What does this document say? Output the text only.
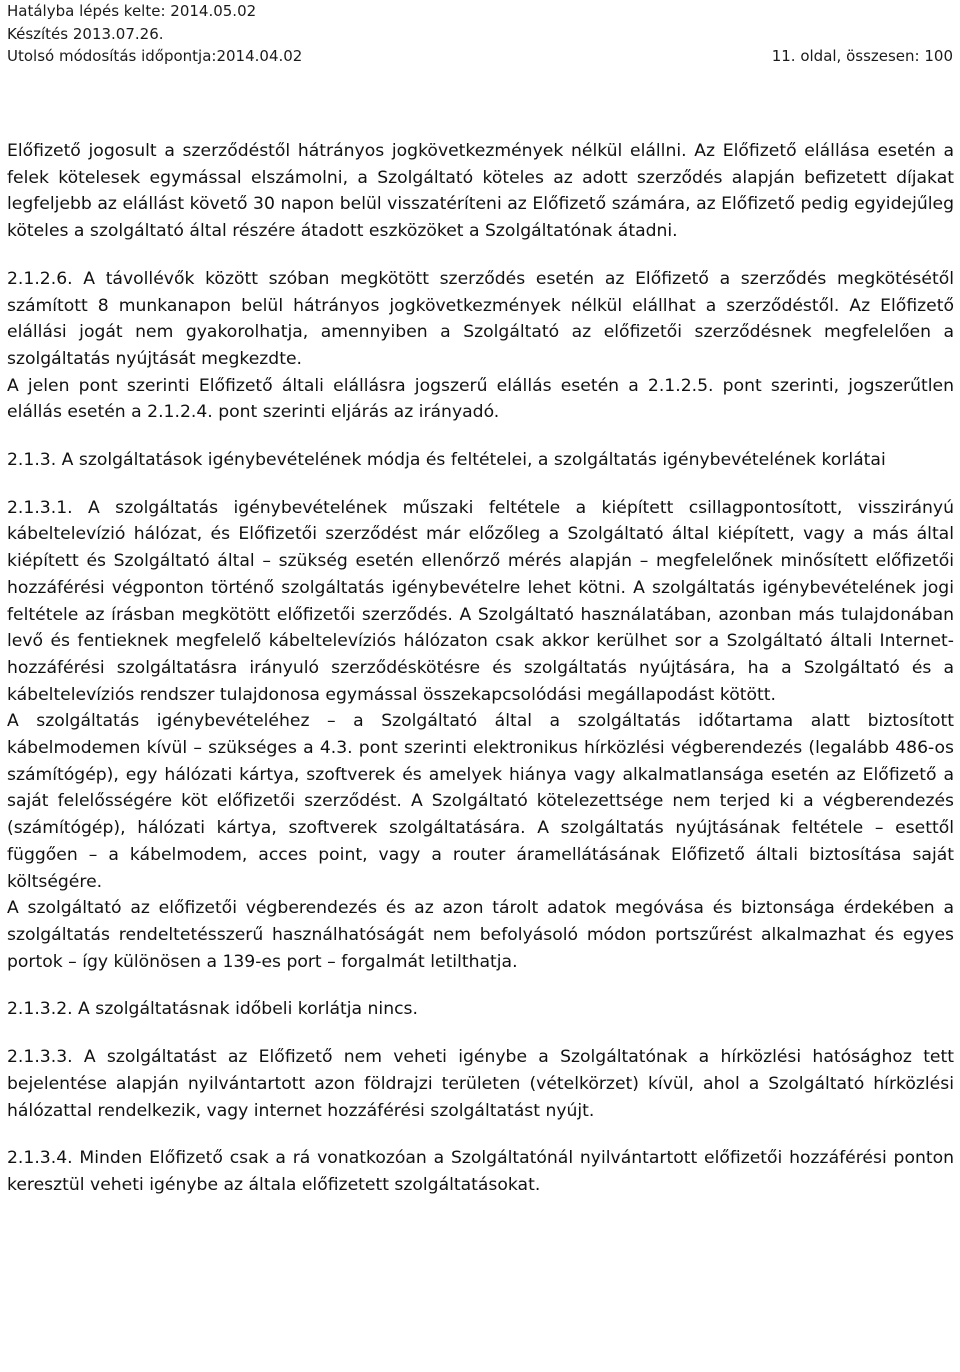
Hatályba lépés kelte: 2014.05.02
Készítés 2013.07.26.
Utolsó módosítás időpontja:2014.04.02	11. oldal, összesen: 100

Előfizető jogosult a szerződéstől hátrányos jogkövetkezmények nélkül elállni. Az Előfizető elállása esetén a felek kötelesek egymással elszámolni, a Szolgáltató köteles az adott szerződés alapján befizetett díjakat legfeljebb az elállást követő 30 napon belül visszatéríteni az Előfizető számára, az Előfizető pedig egyidejűleg köteles a szolgáltató által részére átadott eszközöket a Szolgáltatónak átadni.

2.1.2.6. A távollévők között szóban megkötött szerződés esetén az Előfizető a szerződés megkötésétől számított 8 munkanapon belül hátrányos jogkövetkezmények nélkül elállhat a szerződéstől. Az Előfizető elállási jogát nem gyakorolhatja, amennyiben a Szolgáltató az előfizetői szerződésnek megfelelően a szolgáltatás nyújtását megkezdte.

A jelen pont szerinti Előfizető általi elállásra jogszerű elállás esetén a 2.1.2.5. pont szerinti, jogszerűtlen elállás esetén a 2.1.2.4. pont szerinti eljárás az irányadó.

2.1.3. A szolgáltatások igénybevételének módja és feltételei, a szolgáltatás igénybevételének korlátai

2.1.3.1. A szolgáltatás igénybevételének műszaki feltétele a kiépített csillagpontosított, visszirányú kábeltelevízió hálózat, és Előfizetői szerződést már előzőleg a Szolgáltató által kiépített, vagy a más által kiépített és Szolgáltató által – szükség esetén ellenőrző mérés alapján – megfelelőnek minősített előfizetői hozzáférési végponton történő szolgáltatás igénybevételre lehet kötni. A szolgáltatás igénybevételének jogi feltétele az írásban megkötött előfizetői szerződés. A Szolgáltató használatában, azonban más tulajdonában levő és fentieknek megfelelő kábeltelevíziós hálózaton csak akkor kerülhet sor a Szolgáltató általi Internet-hozzáférési szolgáltatásra irányuló szerződéskötésre és szolgáltatás nyújtására, ha a Szolgáltató és a kábeltelevíziós rendszer tulajdonosa egymással összekapcsolódási megállapodást kötött.

A szolgáltatás igénybevételéhez – a Szolgáltató által a szolgáltatás időtartama alatt biztosított kábelmodemen kívül – szükséges a 4.3. pont szerinti elektronikus hírközlési végberendezés (legalább 486-os számítógép), egy hálózati kártya, szoftverek és amelyek hiánya vagy alkalmatlansága esetén az Előfizető a saját felelősségére köt előfizetői szerződést. A Szolgáltató kötelezettsége nem terjed ki a végberendezés (számítógép), hálózati kártya, szoftverek szolgáltatására. A szolgáltatás nyújtásának feltétele – esettől függően – a kábelmodem, acces point, vagy a router áramellátásának Előfizető általi biztosítása saját költségére.

A szolgáltató az előfizetői végberendezés és az azon tárolt adatok megóvása és biztonsága érdekében a szolgáltatás rendeltetésszerű használhatóságát nem befolyásoló módon portszűrést alkalmazhat és egyes portok – így különösen a 139-es port – forgalmát letilthatja.

2.1.3.2. A szolgáltatásnak időbeli korlátja nincs.

2.1.3.3. A szolgáltatást az Előfizető nem veheti igénybe a Szolgáltatónak a hírközlési hatósághoz tett bejelentése alapján nyilvántartott azon földrajzi területen (vételkörzet) kívül, ahol a Szolgáltató hírközlési hálózattal rendelkezik, vagy internet hozzáférési szolgáltatást nyújt.

2.1.3.4. Minden Előfizető csak a rá vonatkozóan a Szolgáltatónál nyilvántartott előfizetői hozzáférési ponton keresztül veheti igénybe az általa előfizetett szolgáltatásokat.
